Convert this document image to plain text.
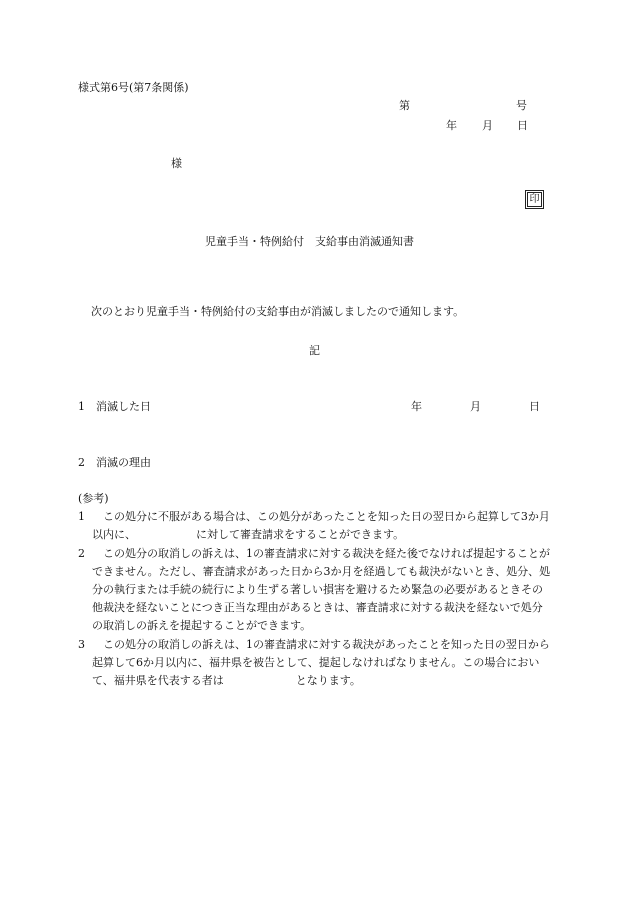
様式第6号(第7条関係)
第	号
年 月 日
様
印
児童手当・特例給付　支給事由消滅通知書
次のとおり児童手当・特例給付の支給事由が消滅しましたので通知します。
記
1 消滅した日	年	月	日
2 消滅の理由
(参考)

1　 この処分に不服がある場合は、この処分があったことを知った日の翌日から起算して3か月以内に、	に対して審査請求をすることができます。

2　 この処分の取消しの訴えは、1の審査請求に対する裁決を経た後でなければ提起することができません。ただし、審査請求があった日から3か月を経過しても裁決がないとき、処分、処分の執行または手続の続行により生ずる著しい損害を避けるため緊急の必要があるときその他裁決を経ないことにつき正当な理由があるときは、審査請求に対する裁決を経ないで処分の取消しの訴えを提起することができます。

3　 この処分の取消しの訴えは、1の審査請求に対する裁決があったことを知った日の翌日から起算して6か月以内に、福井県を被告として、提起しなければなりません。この場合において、福井県を代表する者は	となります。
